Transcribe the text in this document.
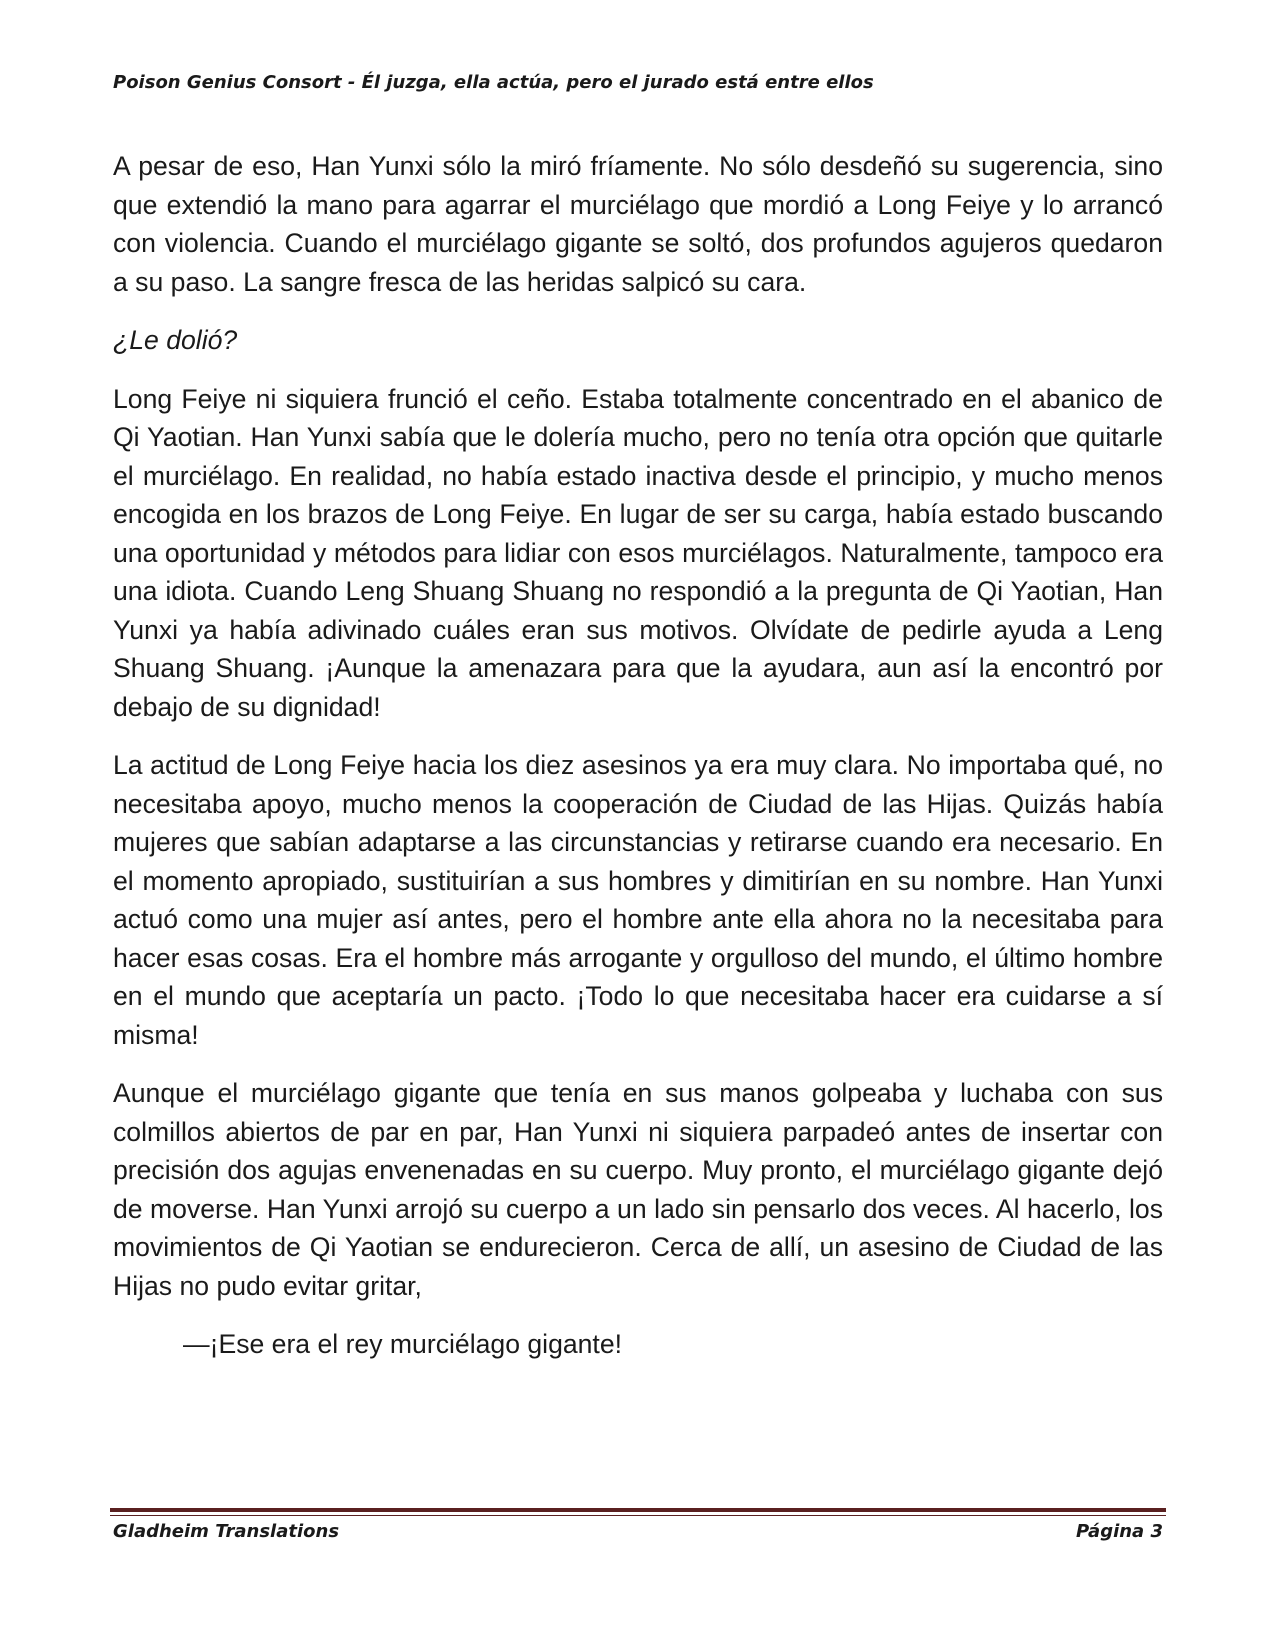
Poison Genius Consort - Él juzga, ella actúa, pero el jurado está entre ellos

A pesar de eso, Han Yunxi sólo la miró fríamente. No sólo desdeñó su sugerencia, sino que extendió la mano para agarrar el murciélago que mordió a Long Feiye y lo arrancó con violencia. Cuando el murciélago gigante se soltó, dos profundos agujeros quedaron a su paso. La sangre fresca de las heridas salpicó su cara.

¿Le dolió?

Long Feiye ni siquiera frunció el ceño. Estaba totalmente concentrado en el abanico de Qi Yaotian. Han Yunxi sabía que le dolería mucho, pero no tenía otra opción que quitarle el murciélago. En realidad, no había estado inactiva desde el principio, y mucho menos encogida en los brazos de Long Feiye. En lugar de ser su carga, había estado buscando una oportunidad y métodos para lidiar con esos murciélagos. Naturalmente, tampoco era una idiota. Cuando Leng Shuang Shuang no respondió a la pregunta de Qi Yaotian, Han Yunxi ya había adivinado cuáles eran sus motivos. Olvídate de pedirle ayuda a Leng Shuang Shuang. ¡Aunque la amenazara para que la ayudara, aun así la encontró por debajo de su dignidad!

La actitud de Long Feiye hacia los diez asesinos ya era muy clara. No importaba qué, no necesitaba apoyo, mucho menos la cooperación de Ciudad de las Hijas. Quizás había mujeres que sabían adaptarse a las circunstancias y retirarse cuando era necesario. En el momento apropiado, sustituirían a sus hombres y dimitirían en su nombre. Han Yunxi actuó como una mujer así antes, pero el hombre ante ella ahora no la necesitaba para hacer esas cosas. Era el hombre más arrogante y orgulloso del mundo, el último hombre en el mundo que aceptaría un pacto. ¡Todo lo que necesitaba hacer era cuidarse a sí misma!

Aunque el murciélago gigante que tenía en sus manos golpeaba y luchaba con sus colmillos abiertos de par en par, Han Yunxi ni siquiera parpadeó antes de insertar con precisión dos agujas envenenadas en su cuerpo. Muy pronto, el murciélago gigante dejó de moverse. Han Yunxi arrojó su cuerpo a un lado sin pensarlo dos veces. Al hacerlo, los movimientos de Qi Yaotian se endurecieron. Cerca de allí, un asesino de Ciudad de las Hijas no pudo evitar gritar,

—¡Ese era el rey murciélago gigante!

Gladheim Translations	Página 3
